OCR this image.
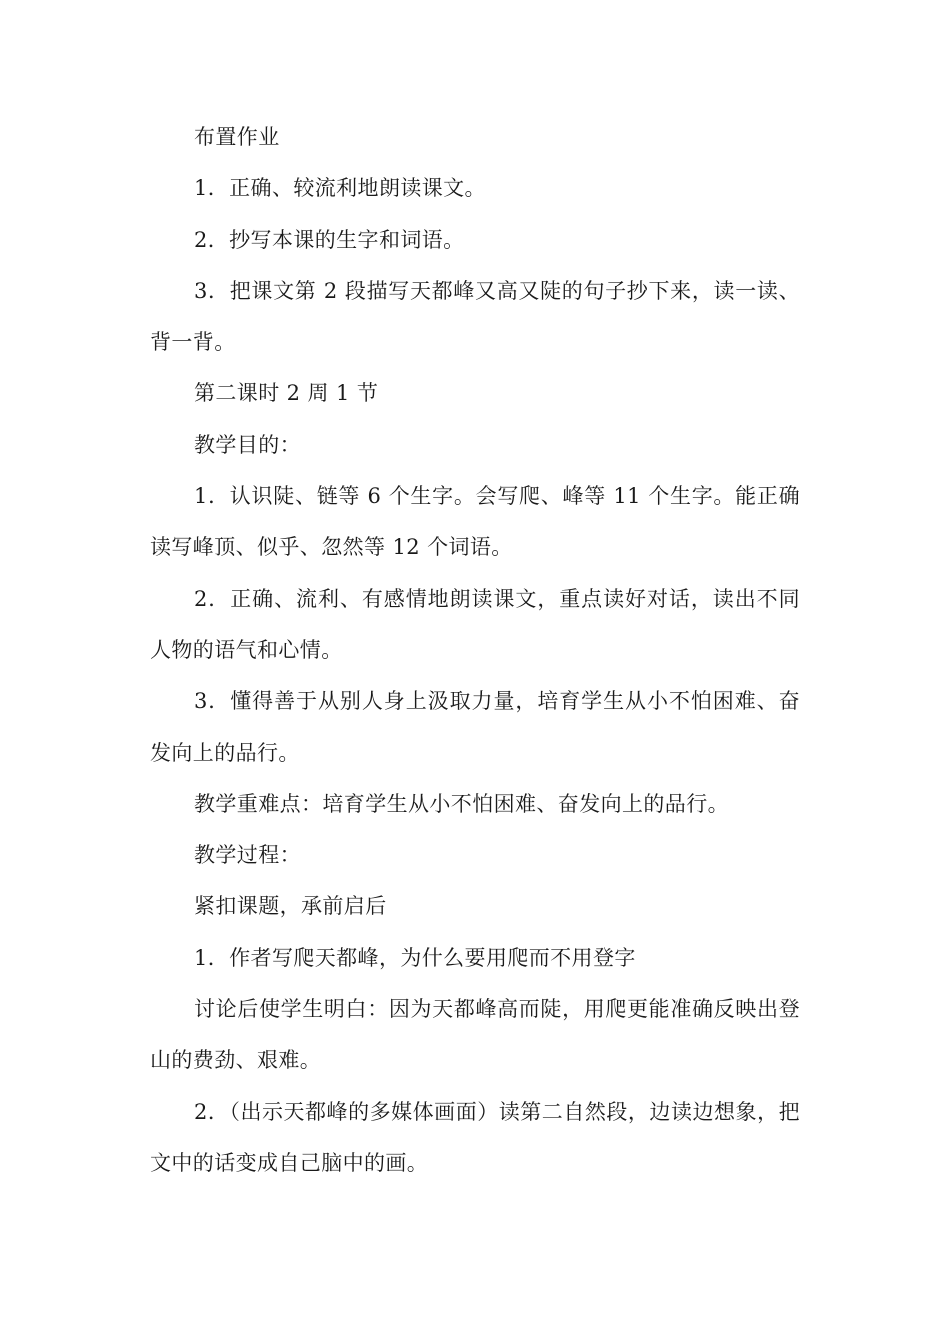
布置作业

1．正确、较流利地朗读课文。

2．抄写本课的生字和词语。

3．把课文第 2 段描写天都峰又高又陡的句子抄下来，读一读、背一背。

第二课时 2 周 1 节

教学目的：

1．认识陡、链等 6 个生字。会写爬、峰等 11 个生字。能正确读写峰顶、似乎、忽然等 12 个词语。

2．正确、流利、有感情地朗读课文，重点读好对话，读出不同人物的语气和心情。

3．懂得善于从别人身上汲取力量，培育学生从小不怕困难、奋发向上的品行。

教学重难点：培育学生从小不怕困难、奋发向上的品行。

教学过程：

紧扣课题，承前启后

1．作者写爬天都峰，为什么要用爬而不用登字

讨论后使学生明白：因为天都峰高而陡，用爬更能准确反映出登山的费劲、艰难。

2．（出示天都峰的多媒体画面）读第二自然段，边读边想象，把文中的话变成自己脑中的画。
